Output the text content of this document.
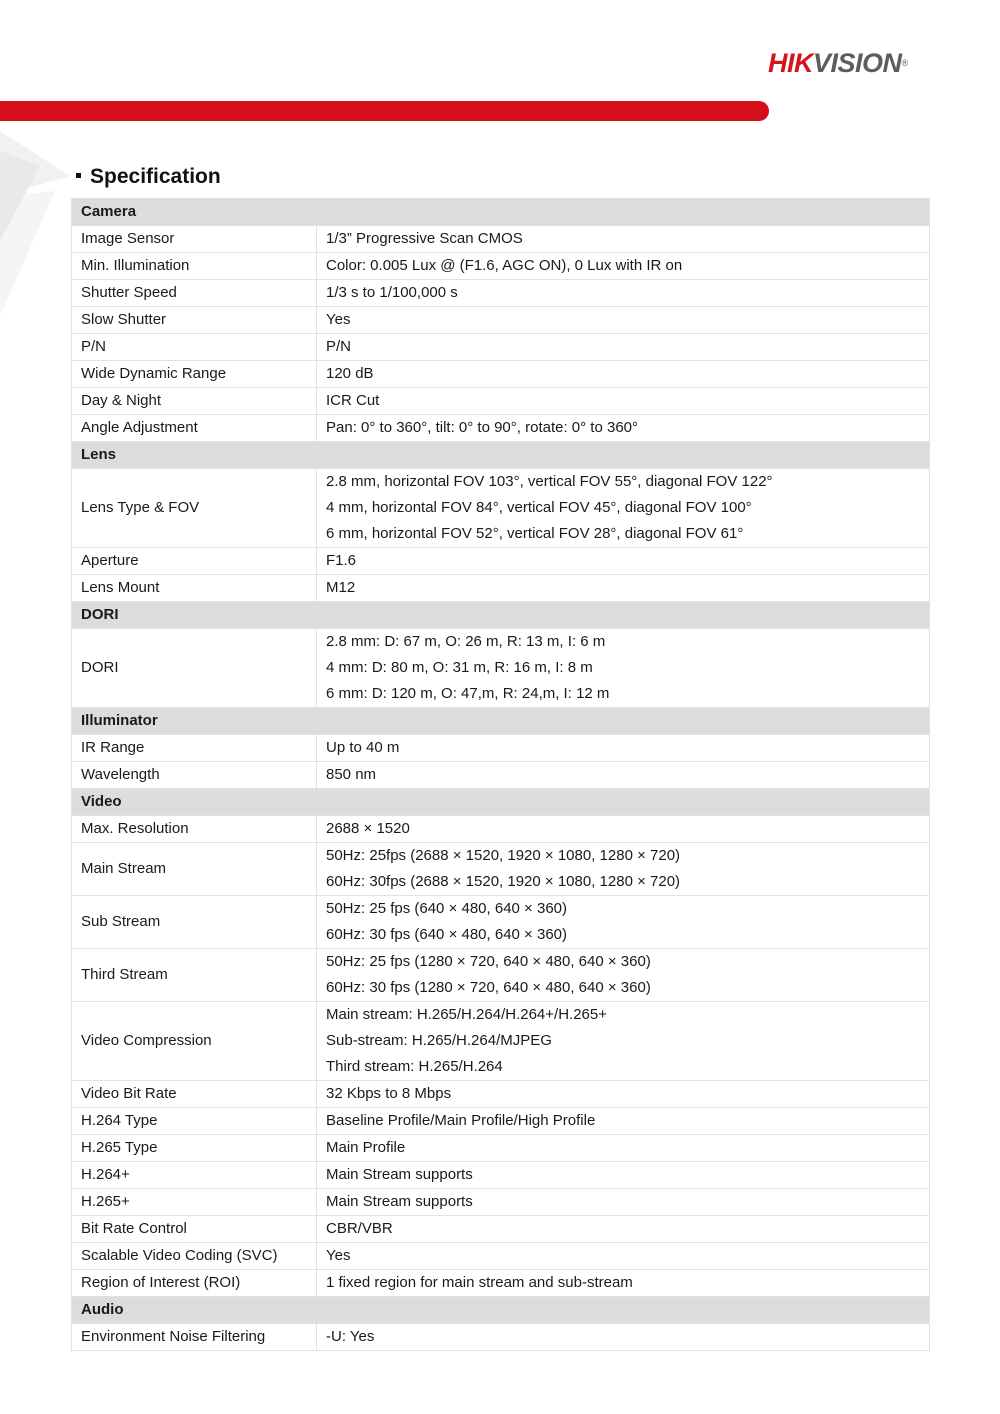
HIKVISION®
Specification
Camera	
Image Sensor	1/3” Progressive Scan CMOS

Min. Illumination	Color: 0.005 Lux @ (F1.6, AGC ON), 0 Lux with IR on

Shutter Speed	1/3 s to 1/100,000 s

Slow Shutter	Yes

P/N	P/N

Wide Dynamic Range	120 dB

Day & Night	ICR Cut

Angle Adjustment	Pan: 0° to 360°, tilt: 0° to 90°, rotate: 0° to 360°

Lens	
Lens Type & FOV	2.8 mm, horizontal FOV 103°, vertical FOV 55°, diagonal FOV 122°
4 mm, horizontal FOV 84°, vertical FOV 45°, diagonal FOV 100°
6 mm, horizontal FOV 52°, vertical FOV 28°, diagonal FOV 61°

Aperture	F1.6

Lens Mount	M12

DORI	
DORI	2.8 mm: D: 67 m, O: 26 m, R: 13 m, I: 6 m
4 mm: D: 80 m, O: 31 m, R: 16 m, I: 8 m
6 mm: D: 120 m, O: 47,m, R: 24,m, I: 12 m

Illuminator	
IR Range	Up to 40 m

Wavelength	850 nm

Video	
Max. Resolution	2688 × 1520

Main Stream	50Hz: 25fps (2688 × 1520, 1920 × 1080, 1280 × 720)
60Hz: 30fps (2688 × 1520, 1920 × 1080, 1280 × 720)

Sub Stream	50Hz: 25 fps (640 × 480, 640 × 360)
60Hz: 30 fps (640 × 480, 640 × 360)

Third Stream	50Hz: 25 fps (1280 × 720, 640 × 480, 640 × 360)
60Hz: 30 fps (1280 × 720, 640 × 480, 640 × 360)

Video Compression	Main stream: H.265/H.264/H.264+/H.265+
Sub-stream: H.265/H.264/MJPEG
Third stream: H.265/H.264

Video Bit Rate	32 Kbps to 8 Mbps

H.264 Type	Baseline Profile/Main Profile/High Profile

H.265 Type	Main Profile

H.264+	Main Stream supports

H.265+	Main Stream supports

Bit Rate Control	CBR/VBR

Scalable Video Coding (SVC)	Yes

Region of Interest (ROI)	1 fixed region for main stream and sub-stream

Audio	
Environment Noise Filtering	-U: Yes
